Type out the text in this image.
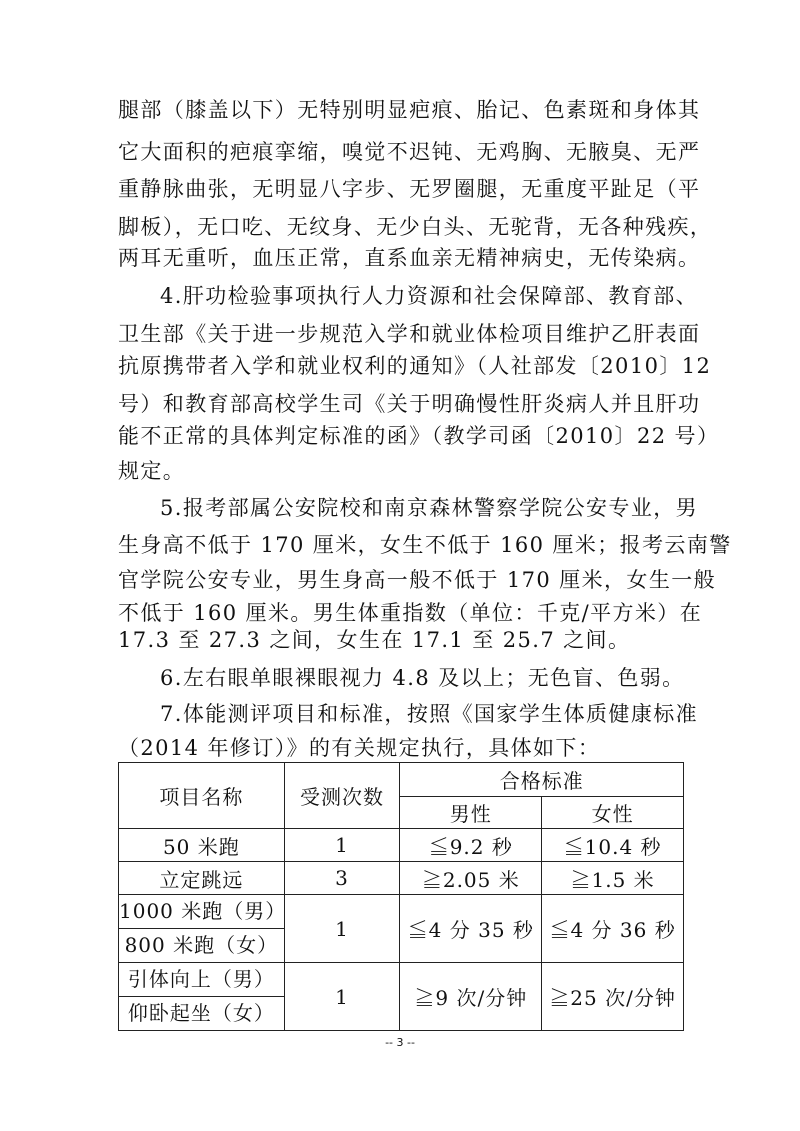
腿部（膝盖以下）无特别明显疤痕、胎记、色素斑和身体其
它大面积的疤痕挛缩，嗅觉不迟钝、无鸡胸、无腋臭、无严
重静脉曲张，无明显八字步、无罗圈腿，无重度平趾足（平
脚板），无口吃、无纹身、无少白头、无驼背，无各种残疾，
两耳无重听，血压正常，直系血亲无精神病史，无传染病。
4.肝功检验事项执行人力资源和社会保障部、教育部、
卫生部《关于进一步规范入学和就业体检项目维护乙肝表面
抗原携带者入学和就业权利的通知》（人社部发〔2010〕12
号）和教育部高校学生司《关于明确慢性肝炎病人并且肝功
能不正常的具体判定标准的函》（教学司函〔2010〕22 号）
规定。
5.报考部属公安院校和南京森林警察学院公安专业，男
生身高不低于 170 厘米，女生不低于 160 厘米；报考云南警
官学院公安专业，男生身高一般不低于 170 厘米，女生一般
不低于 160 厘米。男生体重指数（单位：千克/平方米）在
17.3 至 27.3 之间，女生在 17.1 至 25.7 之间。
6.左右眼单眼裸眼视力 4.8 及以上；无色盲、色弱。
7.体能测评项目和标准，按照《国家学生体质健康标准
（2014 年修订）》的有关规定执行，具体如下：
项目名称	受测次数	合格标准	
		男性	女性
50 米跑	1	≦9.2 秒	≦10.4 秒
立定跳远	3	≧2.05 米	≧1.5 米

1000 米跑（男）
800 米跑（女）	1	≦4 分 35 秒	≦4 分 36 秒

引体向上（男）
仰卧起坐（女）	1	≧9 次/分钟	≧25 次/分钟
-- 3 --
